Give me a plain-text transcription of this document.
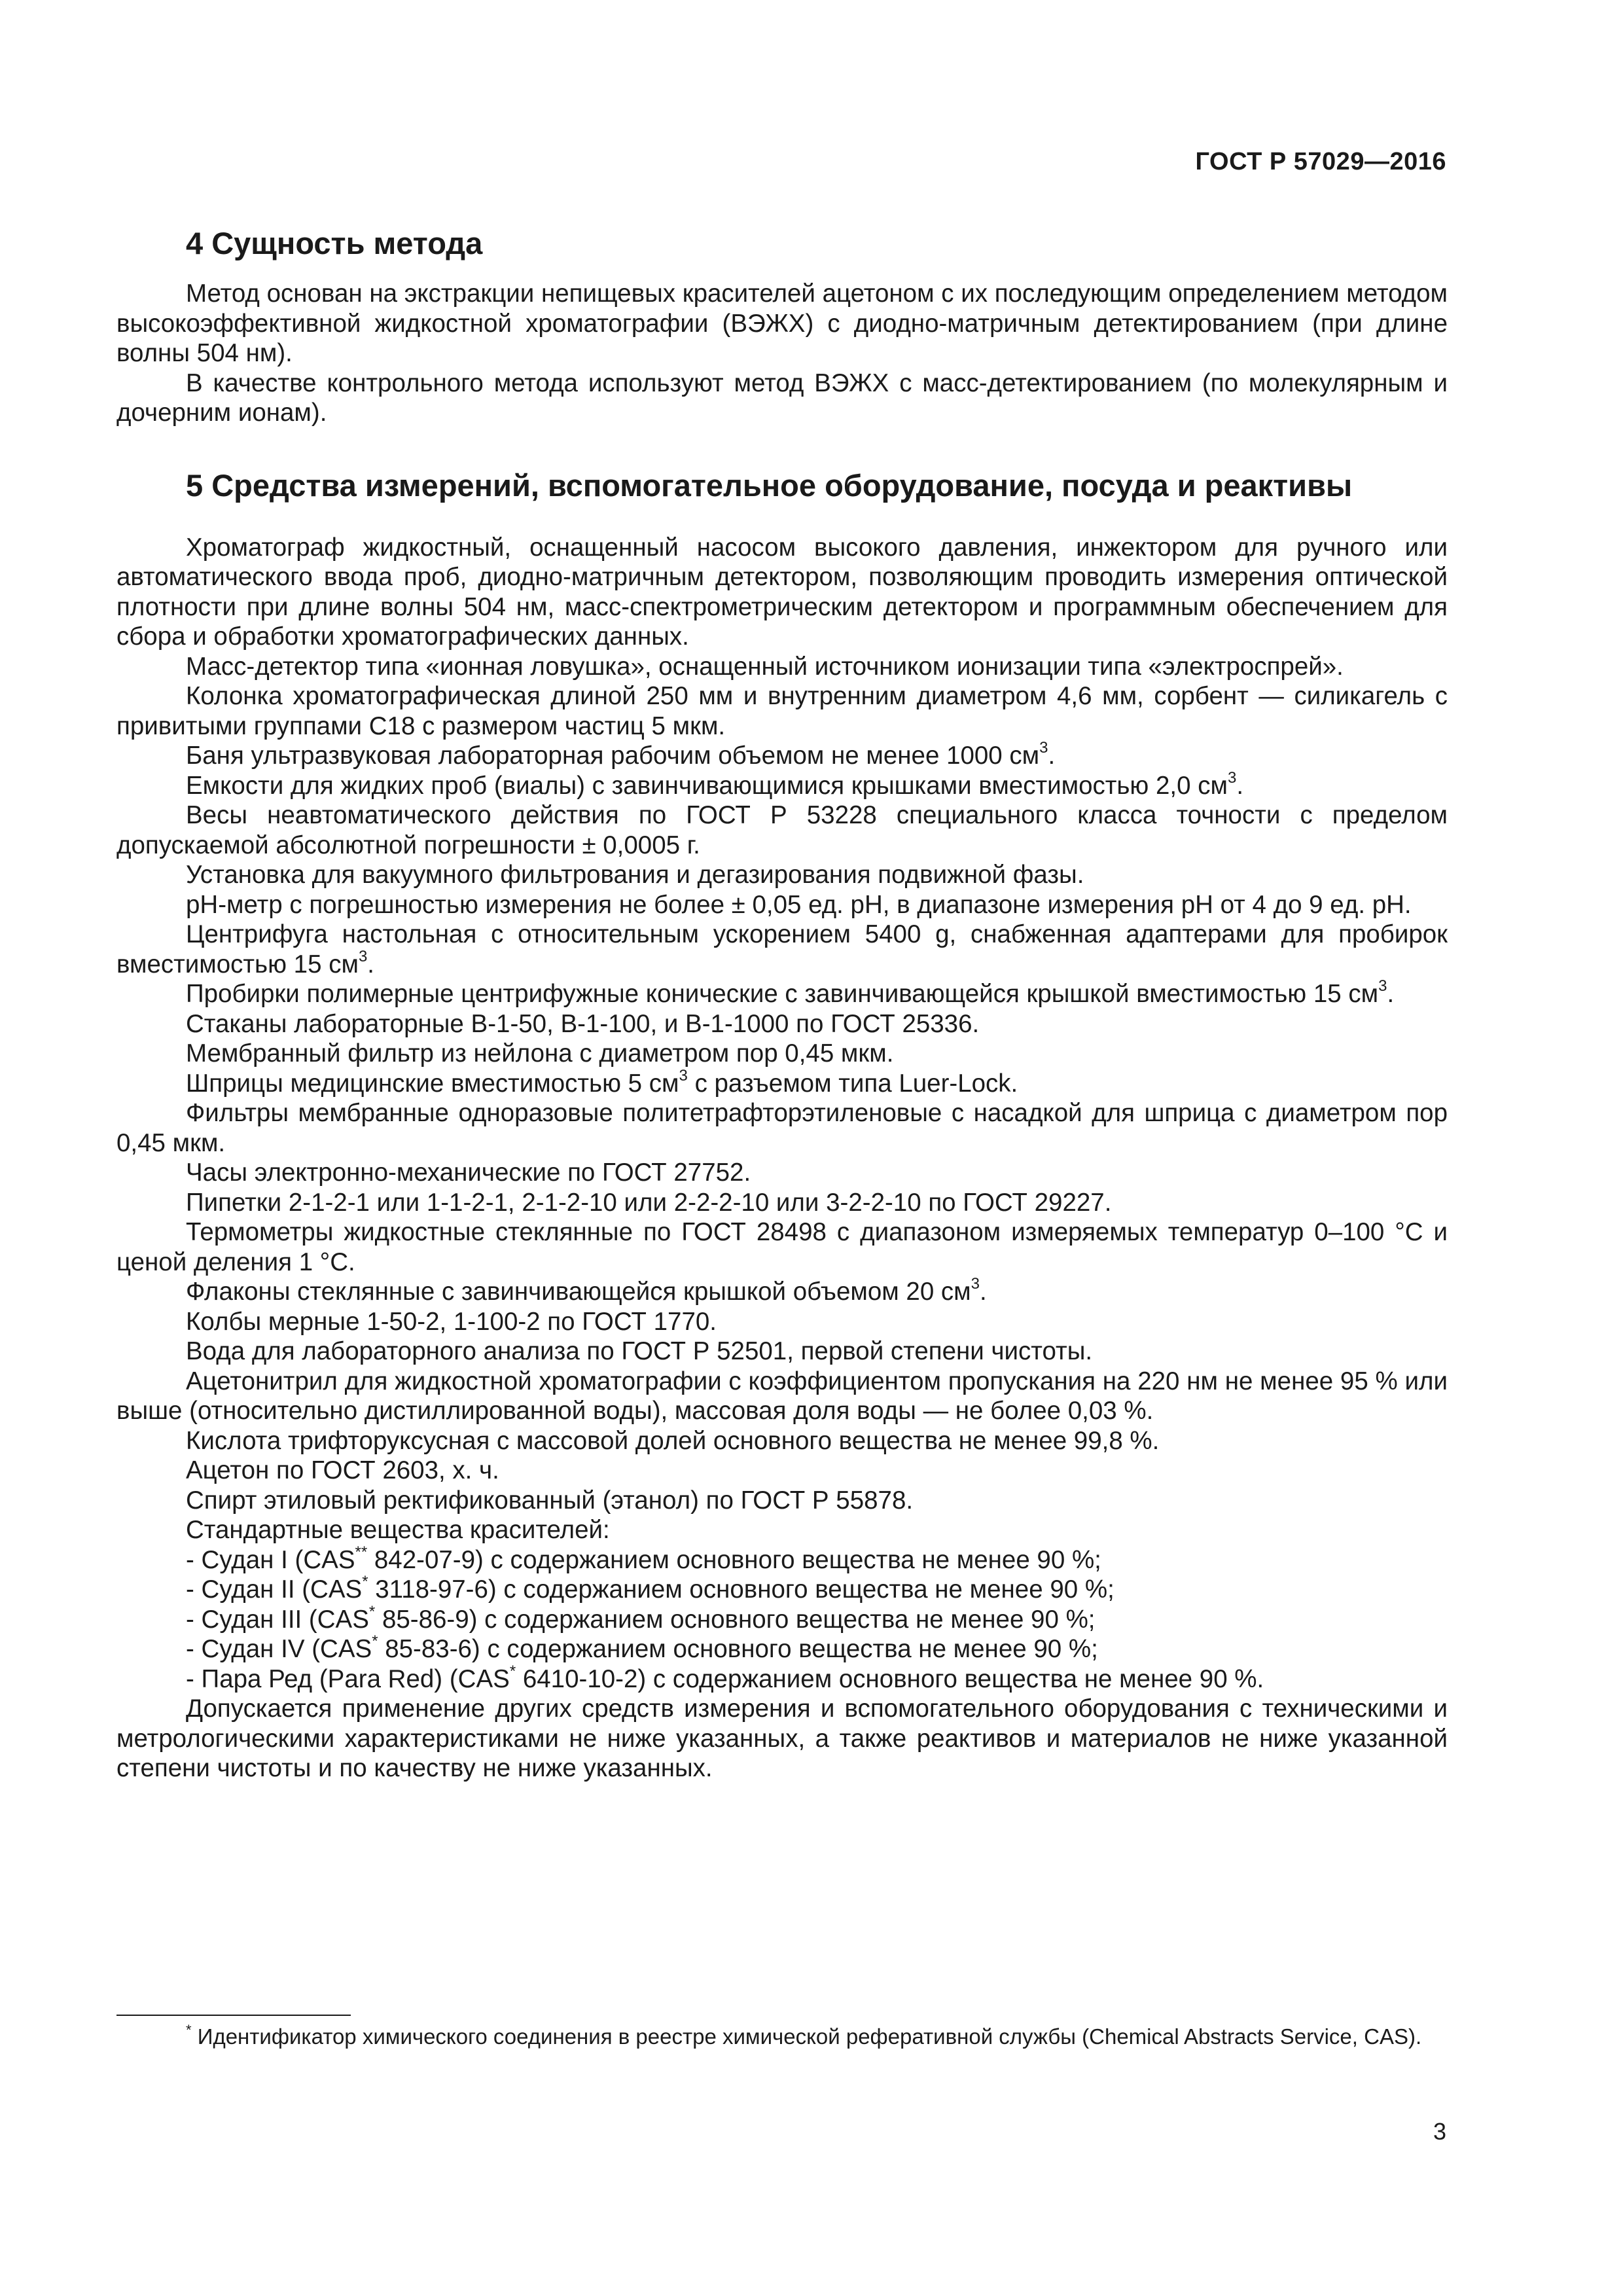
ГОСТ Р 57029—2016
4 Сущность метода

Метод основан на экстракции непищевых красителей ацетоном с их последующим определением методом высокоэффективной жидкостной хроматографии (ВЭЖХ) с диодно-матричным детектированием (при длине волны 504 нм).

В качестве контрольного метода используют метод ВЭЖХ с масс-детектированием (по молекулярным и дочерним ионам).

5 Средства измерений, вспомогательное оборудование, посуда и реактивы

Хроматограф жидкостный, оснащенный насосом высокого давления, инжектором для ручного или автоматического ввода проб, диодно-матричным детектором, позволяющим проводить измерения оптической плотности при длине волны 504 нм, масс-спектрометрическим детектором и программным обеспечением для сбора и обработки хроматографических данных.

Масс-детектор типа «ионная ловушка», оснащенный источником ионизации типа «электроспрей».

Колонка хроматографическая длиной 250 мм и внутренним диаметром 4,6 мм, сорбент — силикагель с привитыми группами С18 с размером частиц 5 мкм.

Баня ультразвуковая лабораторная рабочим объемом не менее 1000 $см^3$.

Емкости для жидких проб (виалы) с завинчивающимися крышками вместимостью 2,0 $см^3$.

Весы неавтоматического действия по ГОСТ Р 53228 специального класса точности с пределом допускаемой абсолютной погрешности ± 0,0005 г.

Установка для вакуумного фильтрования и дегазирования подвижной фазы.

pH-метр с погрешностью измерения не более ± 0,05 ед. pH, в диапазоне измерения pH от 4 до 9 ед. pH.

Центрифуга настольная с относительным ускорением 5400 g, снабженная адаптерами для пробирок вместимостью 15 $см^3$.

Пробирки полимерные центрифужные конические с завинчивающейся крышкой вместимостью 15 $см^3$.

Стаканы лабораторные В-1-50, В-1-100, и В-1-1000 по ГОСТ 25336.

Мембранный фильтр из нейлона с диаметром пор 0,45 мкм.

Шприцы медицинские вместимостью 5 $см^3$ с разъемом типа Luer-Lock.

Фильтры мембранные одноразовые политетрафторэтиленовые с насадкой для шприца с диаметром пор 0,45 мкм.

Часы электронно-механические по ГОСТ 27752.

Пипетки 2-1-2-1 или 1-1-2-1, 2-1-2-10 или 2-2-2-10 или 3-2-2-10 по ГОСТ 29227.

Термометры жидкостные стеклянные по ГОСТ 28498 с диапазоном измеряемых температур 0–100 °С и ценой деления 1 °С.

Флаконы стеклянные с завинчивающейся крышкой объемом 20 $см^3$.

Колбы мерные 1-50-2, 1-100-2 по ГОСТ 1770.

Вода для лабораторного анализа по ГОСТ Р 52501, первой степени чистоты.

Ацетонитрил для жидкостной хроматографии с коэффициентом пропускания на 220 нм не менее 95 % или выше (относительно дистиллированной воды), массовая доля воды — не более 0,03 %.

Кислота трифторуксусная с массовой долей основного вещества не менее 99,8 %.

Ацетон по ГОСТ 2603, х. ч.

Спирт этиловый ректификованный (этанол) по ГОСТ Р 55878.

Стандартные вещества красителей:

- Судан I (CAS** 842-07-9) с содержанием основного вещества не менее 90 %;

- Судан II (CAS* 3118-97-6) с содержанием основного вещества не менее 90 %;

- Судан III (CAS* 85-86-9) с содержанием основного вещества не менее 90 %;

- Судан IV (CAS* 85-83-6) с содержанием основного вещества не менее 90 %;

- Пара Ред (Para Red) (CAS* 6410-10-2) с содержанием основного вещества не менее 90 %.

Допускается применение других средств измерения и вспомогательного оборудования с техническими и метрологическими характеристиками не ниже указанных, а также реактивов и материалов не ниже указанной степени чистоты и по качеству не ниже указанных.

* Идентификатор химического соединения в реестре химической реферативной службы (Chemical Abstracts Service, CAS).
3
